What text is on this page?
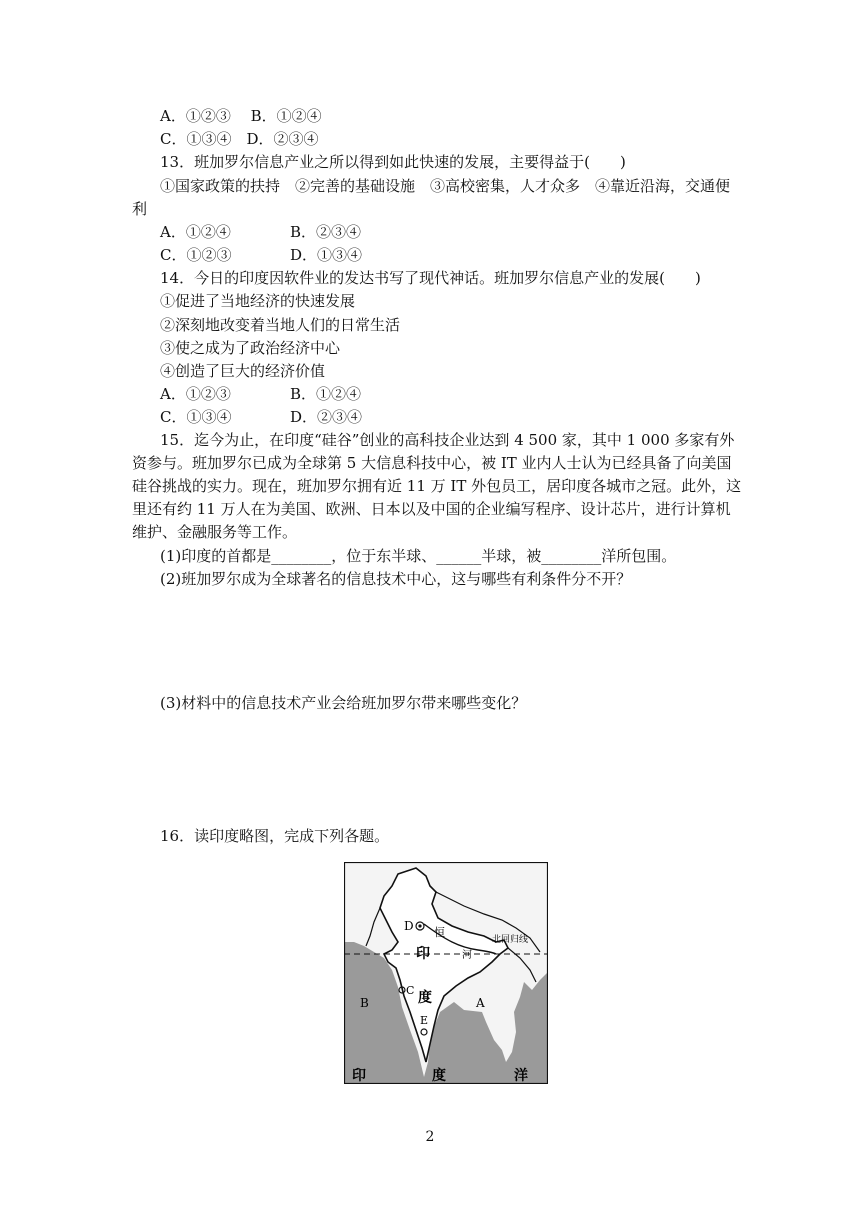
A．①②③　 B．①②④
C．①③④　D．②③④
13．班加罗尔信息产业之所以得到如此快速的发展，主要得益于(　　)
①国家政策的扶持　②完善的基础设施　③高校密集，人才众多　④靠近沿海，交通便
利
A．①②④	B．②③④
C．①②③	D．①③④
14．今日的印度因软件业的发达书写了现代神话。班加罗尔信息产业的发展(　　)
①促进了当地经济的快速发展
②深刻地改变着当地人们的日常生活
③使之成为了政治经济中心
④创造了巨大的经济价值
A．①②③	B．①②④
C．①③④	D．②③④
15．迄今为止，在印度“硅谷”创业的高科技企业达到 4 500 家，其中 1 000 多家有外
资参与。班加罗尔已成为全球第 5 大信息科技中心，被 IT 业内人士认为已经具备了向美国
硅谷挑战的实力。现在，班加罗尔拥有近 11 万 IT 外包员工，居印度各城市之冠。此外，这
里还有约 11 万人在为美国、欧洲、日本以及中国的企业编写程序、设计芯片，进行计算机
维护、金融服务等工作。
(1)印度的首都是________，位于东半球、______半球，被________洋所包围。
(2)班加罗尔成为全球著名的信息技术中心，这与哪些有利条件分不开？
(3)材料中的信息技术产业会给班加罗尔带来哪些变化？
16．读印度略图，完成下列各题。
D
C
E
A
B
恒
河
印
度
北回归线
印	度	洋
2
